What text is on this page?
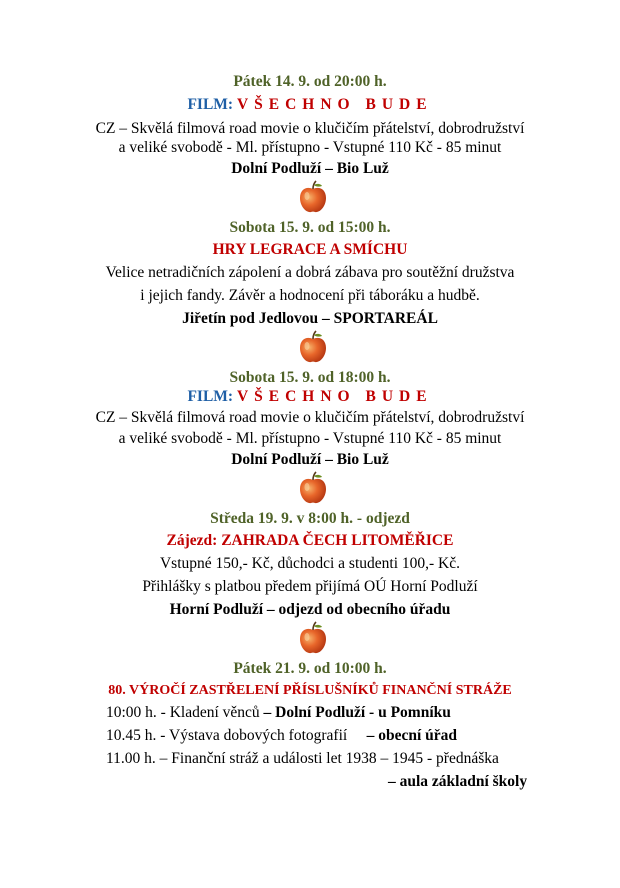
Pátek 14. 9. od 20:00 h.
FILM: VŠECHNO BUDE
CZ – Skvělá filmová road movie o klučičím přátelství, dobrodružství
a veliké svobodě - Ml. přístupno - Vstupné 110 Kč - 85 minut
Dolní Podluží – Bio Luž
Sobota 15. 9. od 15:00 h.
HRY LEGRACE A SMÍCHU
Velice netradičních zápolení a dobrá zábava pro soutěžní družstva
i jejich fandy. Závěr a hodnocení při táboráku a hudbě.
Jiřetín pod Jedlovou – SPORTAREÁL
Sobota 15. 9. od 18:00 h.
FILM: VŠECHNO BUDE
CZ – Skvělá filmová road movie o klučičím přátelství, dobrodružství
a veliké svobodě - Ml. přístupno - Vstupné 110 Kč - 85 minut
Dolní Podluží – Bio Luž
Středa 19. 9. v 8:00 h. - odjezd
Zájezd: ZAHRADA ČECH LITOMĚŘICE
Vstupné 150,- Kč, důchodci a studenti 100,- Kč.
Přihlášky s platbou předem přijímá OÚ Horní Podluží
Horní Podluží – odjezd od obecního úřadu
Pátek 21. 9. od 10:00 h.
80. VÝROČÍ ZASTŘELENÍ PŘÍSLUŠNÍKŮ FINANČNÍ STRÁŽE
10:00 h. - Kladení věnců – Dolní Podluží - u Pomníku
10.45 h. - Výstava dobových fotografií     – obecní úřad
11.00 h. – Finanční stráž a události let 1938 – 1945 - přednáška
– aula základní školy
